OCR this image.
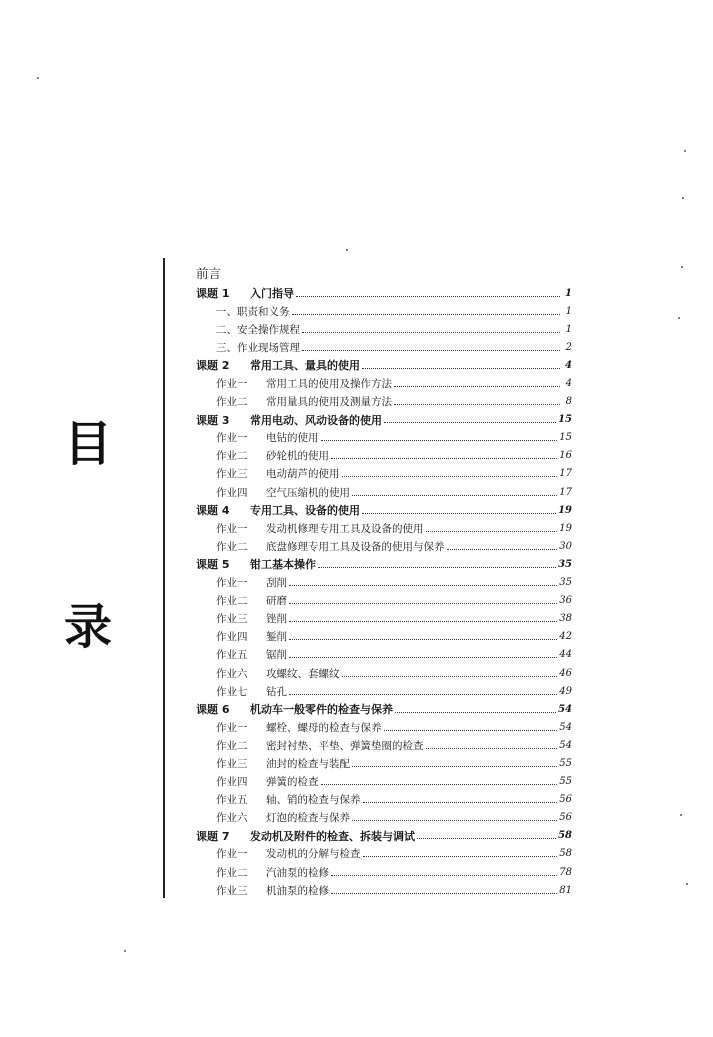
目
录
前言
课题 1	入门指导	1
一、职责和义务	1
二、安全操作规程	1
三、作业现场管理	2
课题 2	常用工具、量具的使用	4
作业一	常用工具的使用及操作方法	4
作业二	常用量具的使用及测量方法	8
课题 3	常用电动、风动设备的使用	15
作业一	电钻的使用	15
作业二	砂轮机的使用	16
作业三	电动葫芦的使用	17
作业四	空气压缩机的使用	17
课题 4	专用工具、设备的使用	19
作业一	发动机修理专用工具及设备的使用	19
作业二	底盘修理专用工具及设备的使用与保养	30
课题 5	钳工基本操作	35
作业一	刮削	35
作业二	研磨	36
作业三	锉削	38
作业四	錾削	42
作业五	锯削	44
作业六	攻螺纹、套螺纹	46
作业七	钻孔	49
课题 6	机动车一般零件的检查与保养	54
作业一	螺栓、螺母的检查与保养	54
作业二	密封衬垫、平垫、弹簧垫圈的检查	54
作业三	油封的检查与装配	55
作业四	弹簧的检查	55
作业五	轴、销的检查与保养	56
作业六	灯泡的检查与保养	56
课题 7	发动机及附件的检查、拆装与调试	58
作业一	发动机的分解与检查	58
作业二	汽油泵的检修	78
作业三	机油泵的检修	81
